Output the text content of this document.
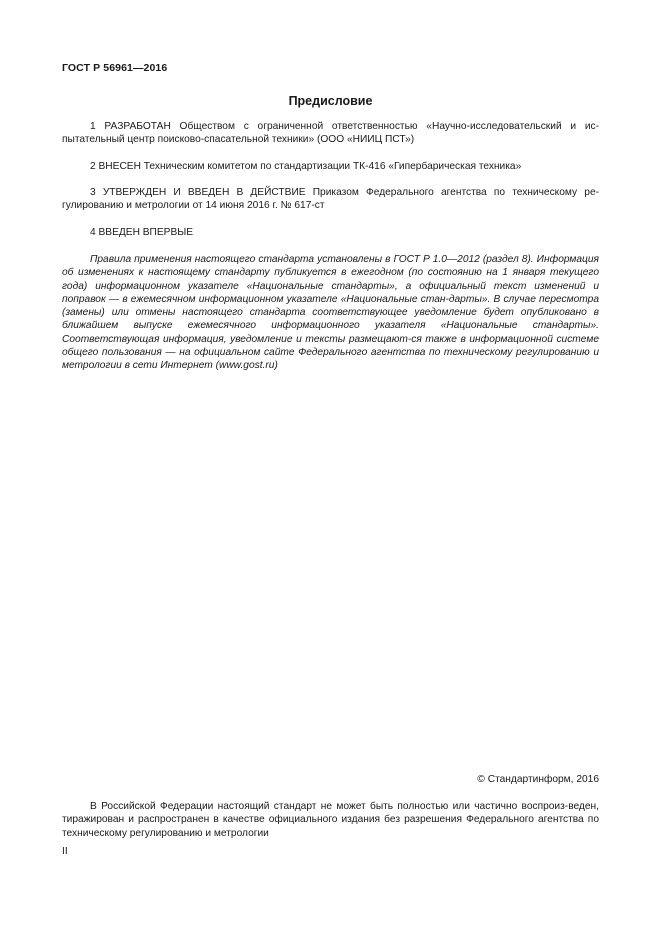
ГОСТ Р 56961—2016
Предисловие

1 РАЗРАБОТАН Обществом с ограниченной ответственностью «Научно-исследовательский и ис-пытательный центр поисково-спасательной техники» (ООО «НИИЦ ПСТ»)

2 ВНЕСЕН Техническим комитетом по стандартизации ТК-416 «Гипербарическая техника»

3 УТВЕРЖДЕН И ВВЕДЕН В ДЕЙСТВИЕ Приказом Федерального агентства по техническому ре-гулированию и метрологии от 14 июня 2016 г. № 617-ст

4 ВВЕДЕН ВПЕРВЫЕ

Правила применения настоящего стандарта установлены в ГОСТ Р 1.0—2012 (раздел 8). Информация об изменениях к настоящему стандарту публикуется в ежегодном (по состоянию на 1 января текущего года) информационном указателе «Национальные стандарты», а официальный текст изменений и поправок — в ежемесячном информационном указателе «Национальные стан-дарты». В случае пересмотра (замены) или отмены настоящего стандарта соответствующее уведомление будет опубликовано в ближайшем выпуске ежемесячного информационного указателя «Национальные стандарты». Соответствующая информация, уведомление и тексты размещают-ся также в информационной системе общего пользования — на официальном сайте Федерального агентства по техническому регулированию и метрологии в сети Интернет (www.gost.ru)

© Стандартинформ, 2016

В Российской Федерации настоящий стандарт не может быть полностью или частично воспроиз-веден, тиражирован и распространен в качестве официального издания без разрешения Федерального агентства по техническому регулированию и метрологии

II
